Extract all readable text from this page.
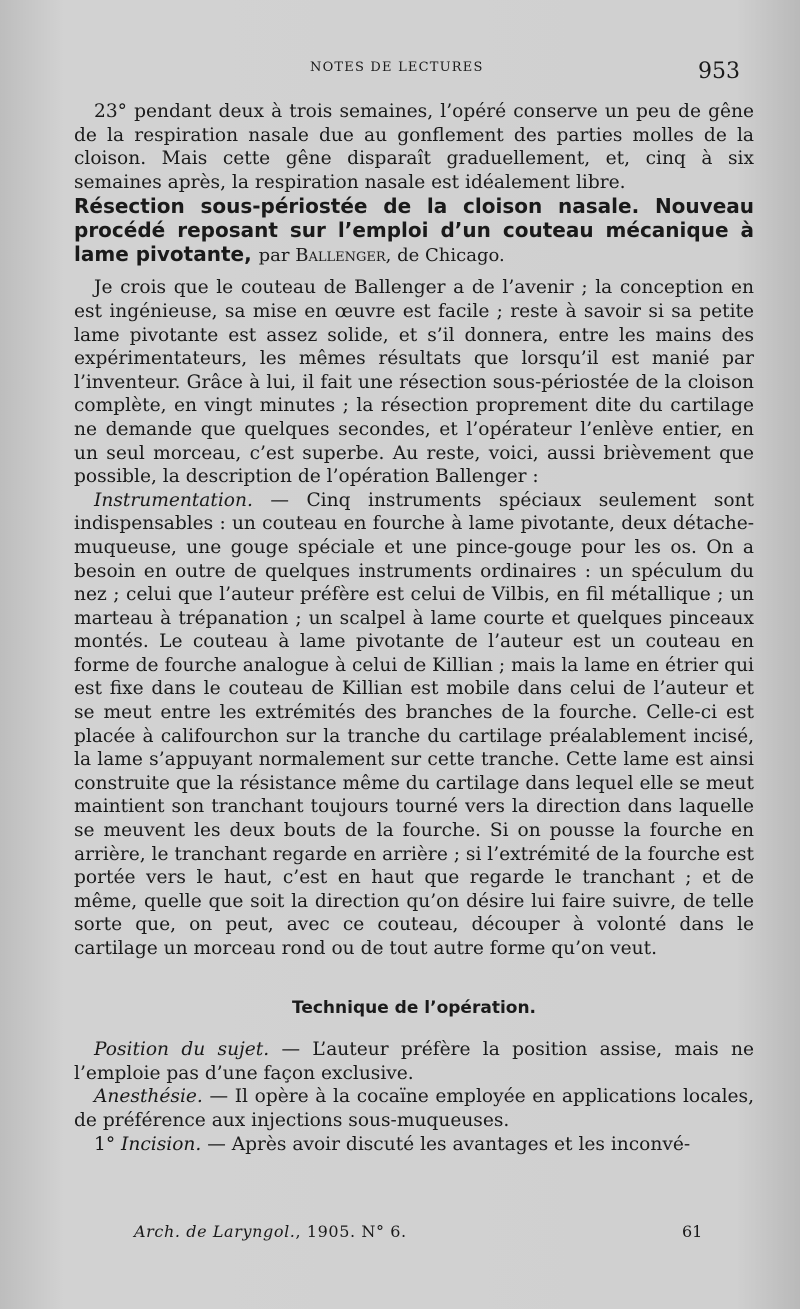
NOTES DE LECTURES	953

23° pendant deux à trois semaines, l’opéré conserve un peu de gêne de la respiration nasale due au gonflement des parties molles de la cloison. Mais cette gêne disparaît graduellement, et, cinq à six semaines après, la respiration nasale est idéalement libre.

Résection sous-périostée de la cloison nasale. Nouveau procédé reposant sur l’emploi d’un couteau mécanique à lame pivotante, par Ballenger, de Chicago.

Je crois que le couteau de Ballenger a de l’avenir ; la conception en est ingénieuse, sa mise en œuvre est facile ; reste à savoir si sa petite lame pivotante est assez solide, et s’il donnera, entre les mains des expérimentateurs, les mêmes résultats que lorsqu’il est manié par l’inventeur. Grâce à lui, il fait une résection sous-périostée de la cloison complète, en vingt minutes ; la résection proprement dite du cartilage ne demande que quelques secondes, et l’opérateur l’enlève entier, en un seul morceau, c’est superbe. Au reste, voici, aussi brièvement que possible, la description de l’opération Ballenger :

Instrumentation. — Cinq instruments spéciaux seulement sont indispensables : un couteau en fourche à lame pivotante, deux détache-muqueuse, une gouge spéciale et une pince-gouge pour les os. On a besoin en outre de quelques instruments ordinaires : un spéculum du nez ; celui que l’auteur préfère est celui de Vilbis, en fil métallique ; un marteau à trépanation ; un scalpel à lame courte et quelques pinceaux montés. Le couteau à lame pivotante de l’auteur est un couteau en forme de fourche analogue à celui de Killian ; mais la lame en étrier qui est fixe dans le couteau de Killian est mobile dans celui de l’auteur et se meut entre les extrémités des branches de la fourche. Celle-ci est placée à califourchon sur la tranche du cartilage préalablement incisé, la lame s’appuyant normalement sur cette tranche. Cette lame est ainsi construite que la résistance même du cartilage dans lequel elle se meut maintient son tranchant toujours tourné vers la direction dans laquelle se meuvent les deux bouts de la fourche. Si on pousse la fourche en arrière, le tranchant regarde en arrière ; si l’extrémité de la fourche est portée vers le haut, c’est en haut que regarde le tranchant ; et de même, quelle que soit la direction qu’on désire lui faire suivre, de telle sorte que, on peut, avec ce couteau, découper à volonté dans le cartilage un morceau rond ou de tout autre forme qu’on veut.

Technique de l’opération.

Position du sujet. — L’auteur préfère la position assise, mais ne l’emploie pas d’une façon exclusive.

Anesthésie. — Il opère à la cocaïne employée en applications locales, de préférence aux injections sous-muqueuses.

1° Incision. — Après avoir discuté les avantages et les inconvé-

Arch. de Laryngol., 1905. N° 6.	61
